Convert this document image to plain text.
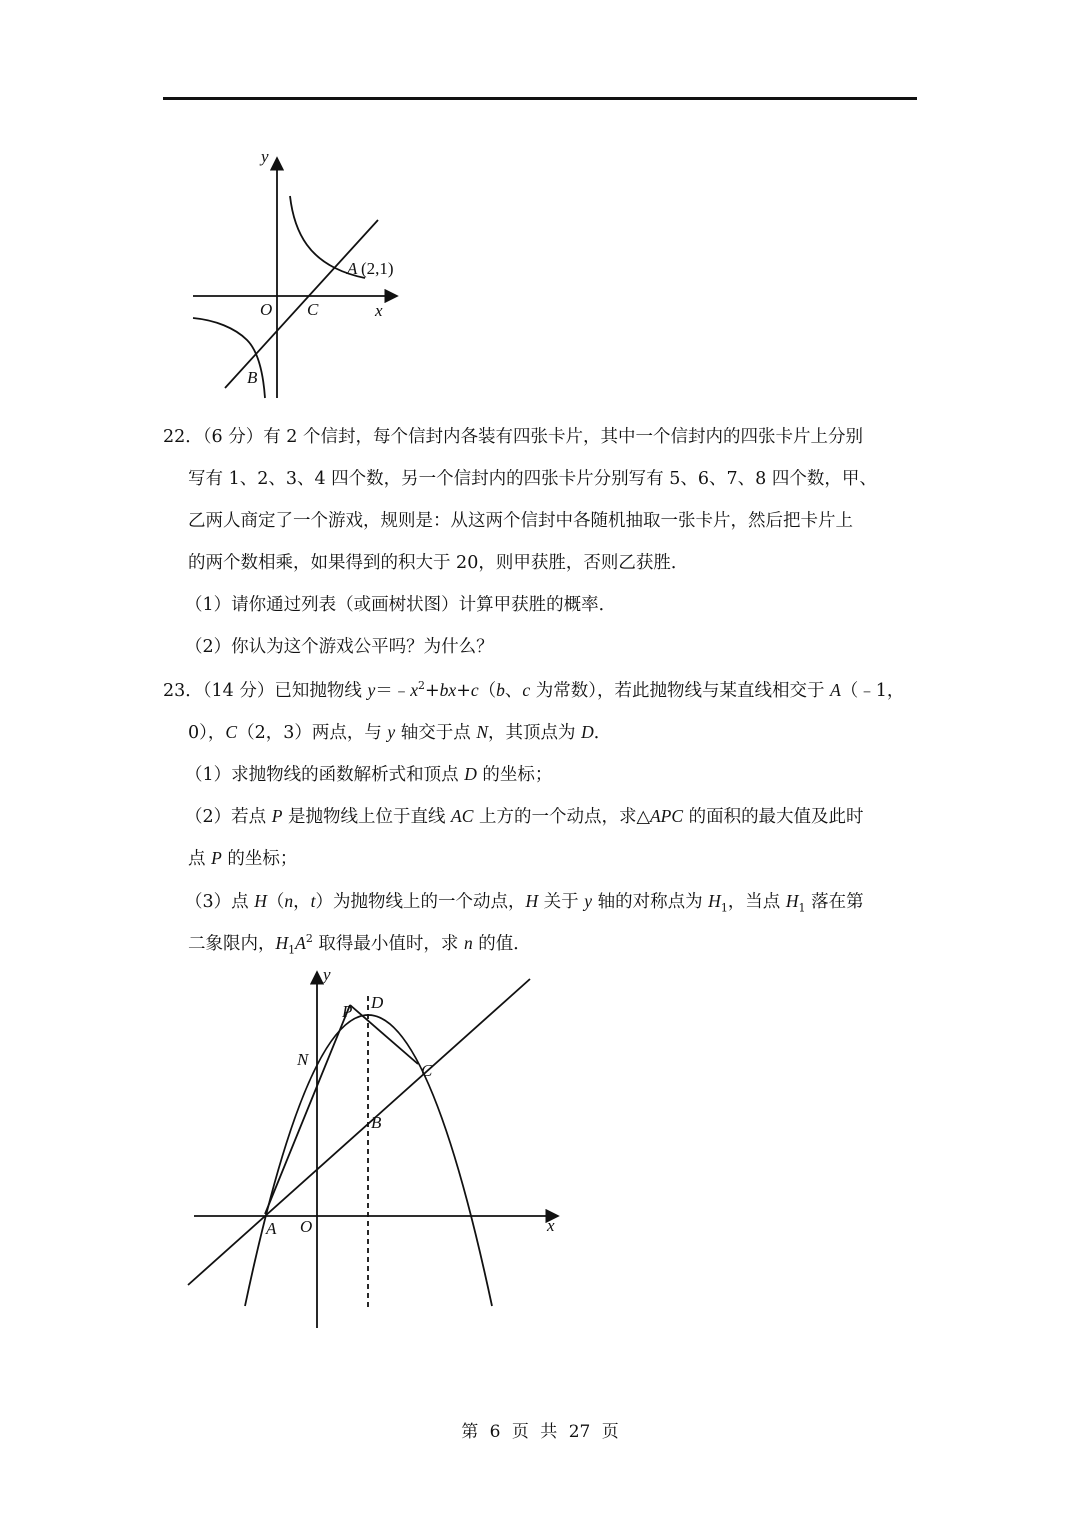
y
A (2,1)
O C	x
B
22．（6 分）有 2 个信封，每个信封内各装有四张卡片，其中一个信封内的四张卡片上分别
写有 1、2、3、4 四个数，另一个信封内的四张卡片分别写有 5、6、7、8 四个数，甲、
乙两人商定了一个游戏，规则是：从这两个信封中各随机抽取一张卡片，然后把卡片上
的两个数相乘，如果得到的积大于 20，则甲获胜，否则乙获胜．
（1）请你通过列表（或画树状图）计算甲获胜的概率．
（2）你认为这个游戏公平吗？为什么？
23．（14 分）已知抛物线 $y=﹣x^2+bx+c(b$、c 为常数），若此抛物线与某直线相交于 A（﹣1，
0），C（2，3）两点，与 y 轴交于点 N，其顶点为 D．
（1）求抛物线的函数解析式和顶点 D 的坐标；
（2）若点 P 是抛物线上位于直线 AC 上方的一个动点，求△APC 的面积的最大值及此时
点 P 的坐标；
（3）点 H（n，t）为抛物线上的一个动点，H 关于 y 轴的对称点为 $H_1$，当点 $H_1$ 落在第
二象限内，$H_1A^2$ 取得最小值时，求 n 的值．
y
P D
N
C
B
A O	x
第 6 页 共 27 页
